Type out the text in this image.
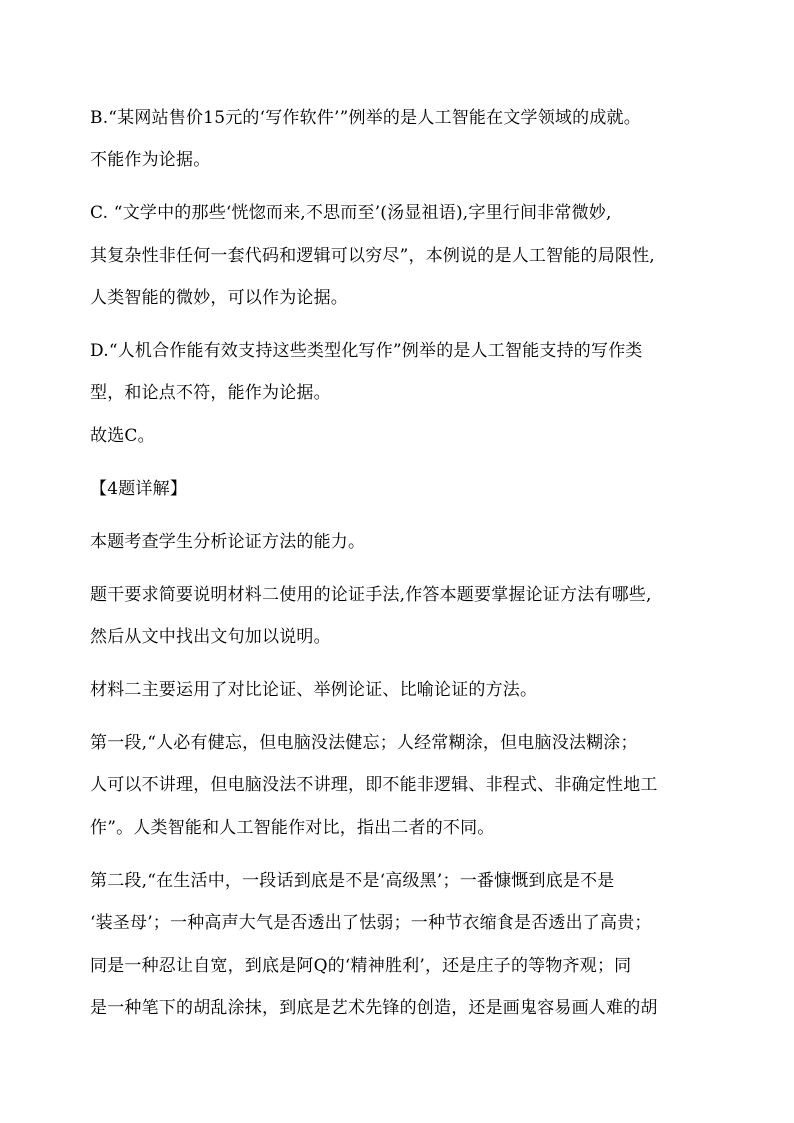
B.“某网站售价15元的‘写作软件’”例举的是人工智能在文学领域的成就。
不能作为论据。
C. “文学中的那些‘恍惚而来,不思而至’(汤显祖语),字里行间非常微妙,
其复杂性非任何一套代码和逻辑可以穷尽”，本例说的是人工智能的局限性,
人类智能的微妙，可以作为论据。
D.“人机合作能有效支持这些类型化写作”例举的是人工智能支持的写作类
型，和论点不符，能作为论据。
故选C。
【4题详解】
本题考查学生分析论证方法的能力。
题干要求简要说明材料二使用的论证手法,作答本题要掌握论证方法有哪些,
然后从文中找出文句加以说明。
材料二主要运用了对比论证、举例论证、比喻论证的方法。
第一段,“人必有健忘，但电脑没法健忘；人经常糊涂，但电脑没法糊涂；
人可以不讲理，但电脑没法不讲理，即不能非逻辑、非程式、非确定性地工
作”。人类智能和人工智能作对比，指出二者的不同。
第二段,“在生活中，一段话到底是不是‘高级黑’；一番慷慨到底是不是
‘装圣母’；一种高声大气是否透出了怯弱；一种节衣缩食是否透出了高贵；
同是一种忍让自宽，到底是阿Q的‘精神胜利’，还是庄子的等物齐观；同
是一种笔下的胡乱涂抹，到底是艺术先锋的创造，还是画鬼容易画人难的胡
